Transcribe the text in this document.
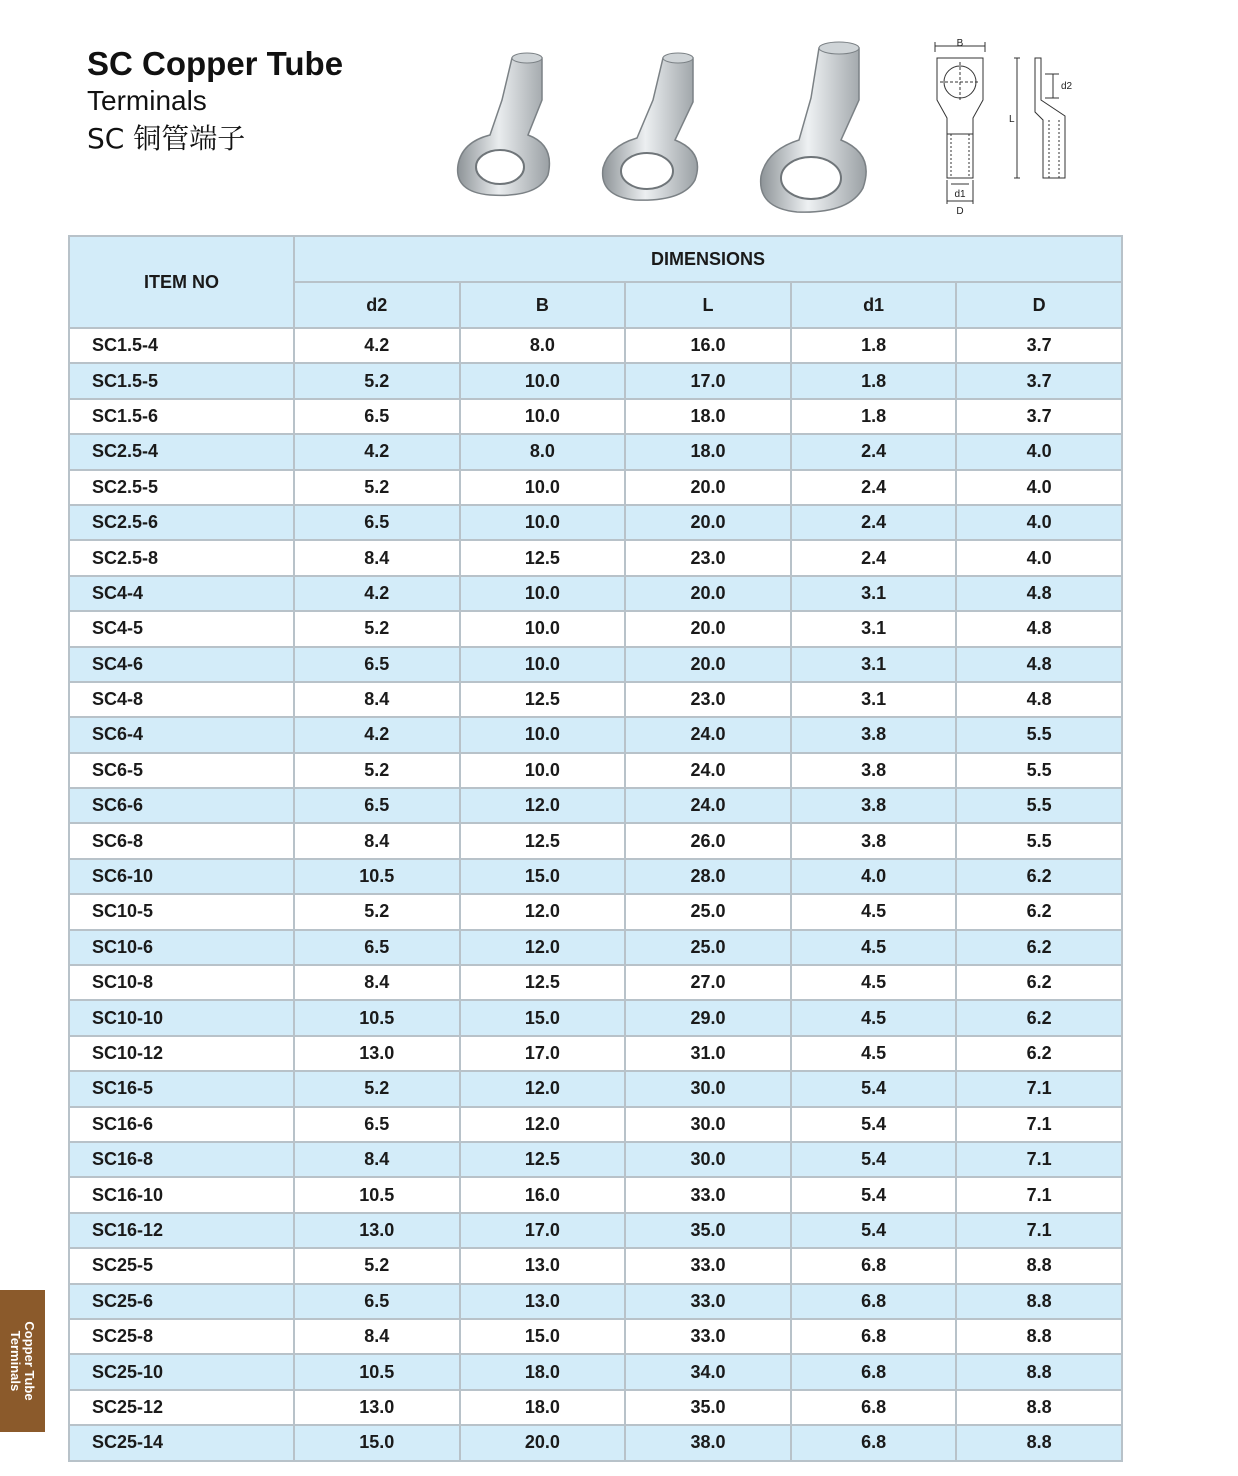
SC Copper Tube
Terminals
SC 铜管端子
B
d2
L
d1
D
ITEM NO	DIMENSIONS				
	d2	B	L	d1	D
SC1.5-4	4.2	8.0	16.0	1.8	3.7
SC1.5-5	5.2	10.0	17.0	1.8	3.7
SC1.5-6	6.5	10.0	18.0	1.8	3.7
SC2.5-4	4.2	8.0	18.0	2.4	4.0
SC2.5-5	5.2	10.0	20.0	2.4	4.0
SC2.5-6	6.5	10.0	20.0	2.4	4.0
SC2.5-8	8.4	12.5	23.0	2.4	4.0
SC4-4	4.2	10.0	20.0	3.1	4.8
SC4-5	5.2	10.0	20.0	3.1	4.8
SC4-6	6.5	10.0	20.0	3.1	4.8
SC4-8	8.4	12.5	23.0	3.1	4.8
SC6-4	4.2	10.0	24.0	3.8	5.5
SC6-5	5.2	10.0	24.0	3.8	5.5
SC6-6	6.5	12.0	24.0	3.8	5.5
SC6-8	8.4	12.5	26.0	3.8	5.5
SC6-10	10.5	15.0	28.0	4.0	6.2
SC10-5	5.2	12.0	25.0	4.5	6.2
SC10-6	6.5	12.0	25.0	4.5	6.2
SC10-8	8.4	12.5	27.0	4.5	6.2
SC10-10	10.5	15.0	29.0	4.5	6.2
SC10-12	13.0	17.0	31.0	4.5	6.2
SC16-5	5.2	12.0	30.0	5.4	7.1
SC16-6	6.5	12.0	30.0	5.4	7.1
SC16-8	8.4	12.5	30.0	5.4	7.1
SC16-10	10.5	16.0	33.0	5.4	7.1
SC16-12	13.0	17.0	35.0	5.4	7.1
SC25-5	5.2	13.0	33.0	6.8	8.8
SC25-6	6.5	13.0	33.0	6.8	8.8
SC25-8	8.4	15.0	33.0	6.8	8.8
SC25-10	10.5	18.0	34.0	6.8	8.8
SC25-12	13.0	18.0	35.0	6.8	8.8
SC25-14	15.0	20.0	38.0	6.8	8.8
Copper Tube
Terminals
